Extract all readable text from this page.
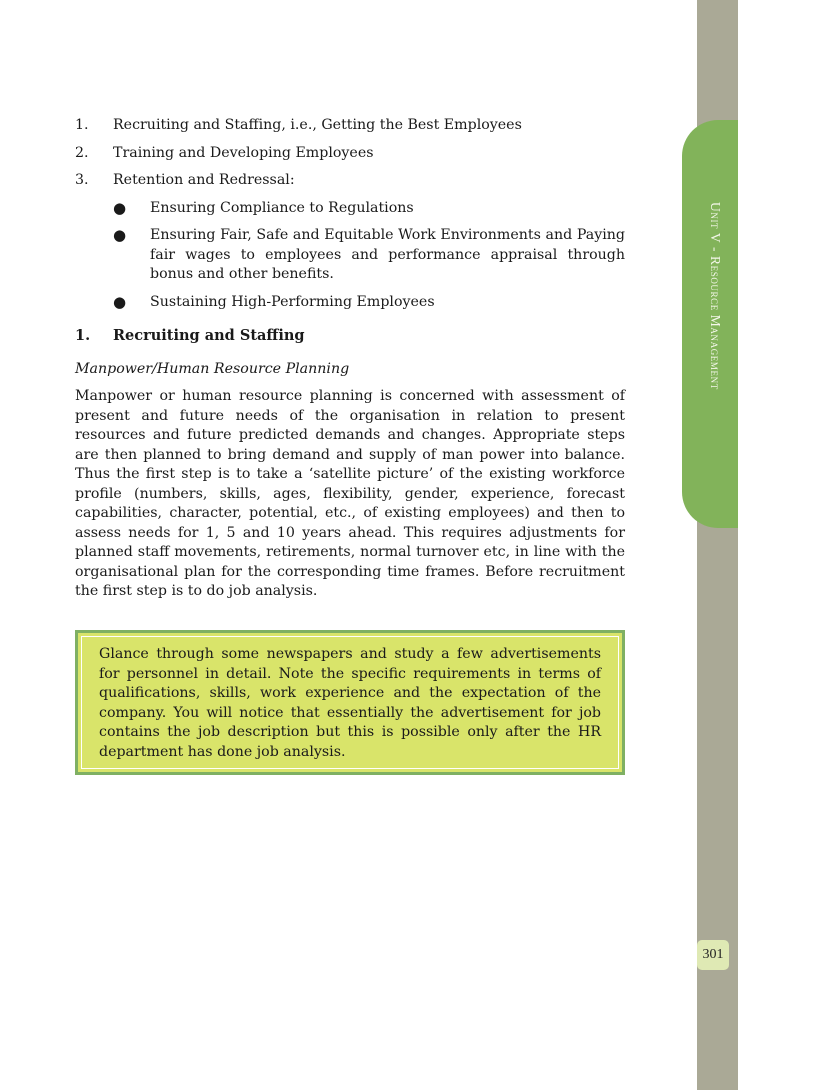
Unit V - Resource Management
301
1.	Recruiting and Staffing, i.e., Getting the Best Employees
2.	Training and Developing Employees
3.	Retention and Redressal:
●	Ensuring Compliance to Regulations
●	Ensuring Fair, Safe and Equitable Work Environments and Paying fair wages to employees and performance appraisal through bonus and other benefits.
●	Sustaining High-Performing Employees
1.	Recruiting and Staffing
Manpower/Human Resource Planning
Manpower or human resource planning is concerned with assessment of present and future needs of the organisation in relation to present resources and future predicted demands and changes. Appropriate steps are then planned to bring demand and supply of man power into balance. Thus the first step is to take a ‘satellite picture’ of the existing workforce profile (numbers, skills, ages, flexibility, gender, experience, forecast capabilities, character, potential, etc., of existing employees) and then to assess needs for 1, 5 and 10 years ahead. This requires adjustments for planned staff movements, retirements, normal turnover etc, in line with the organisational plan for the corresponding time frames. Before recruitment the first step is to do job analysis.
Glance through some newspapers and study a few advertisements for personnel in detail. Note the specific requirements in terms of qualifications, skills, work experience and the expectation of the company. You will notice that essentially the advertisement for job contains the job description but this is possible only after the HR department has done job analysis.
